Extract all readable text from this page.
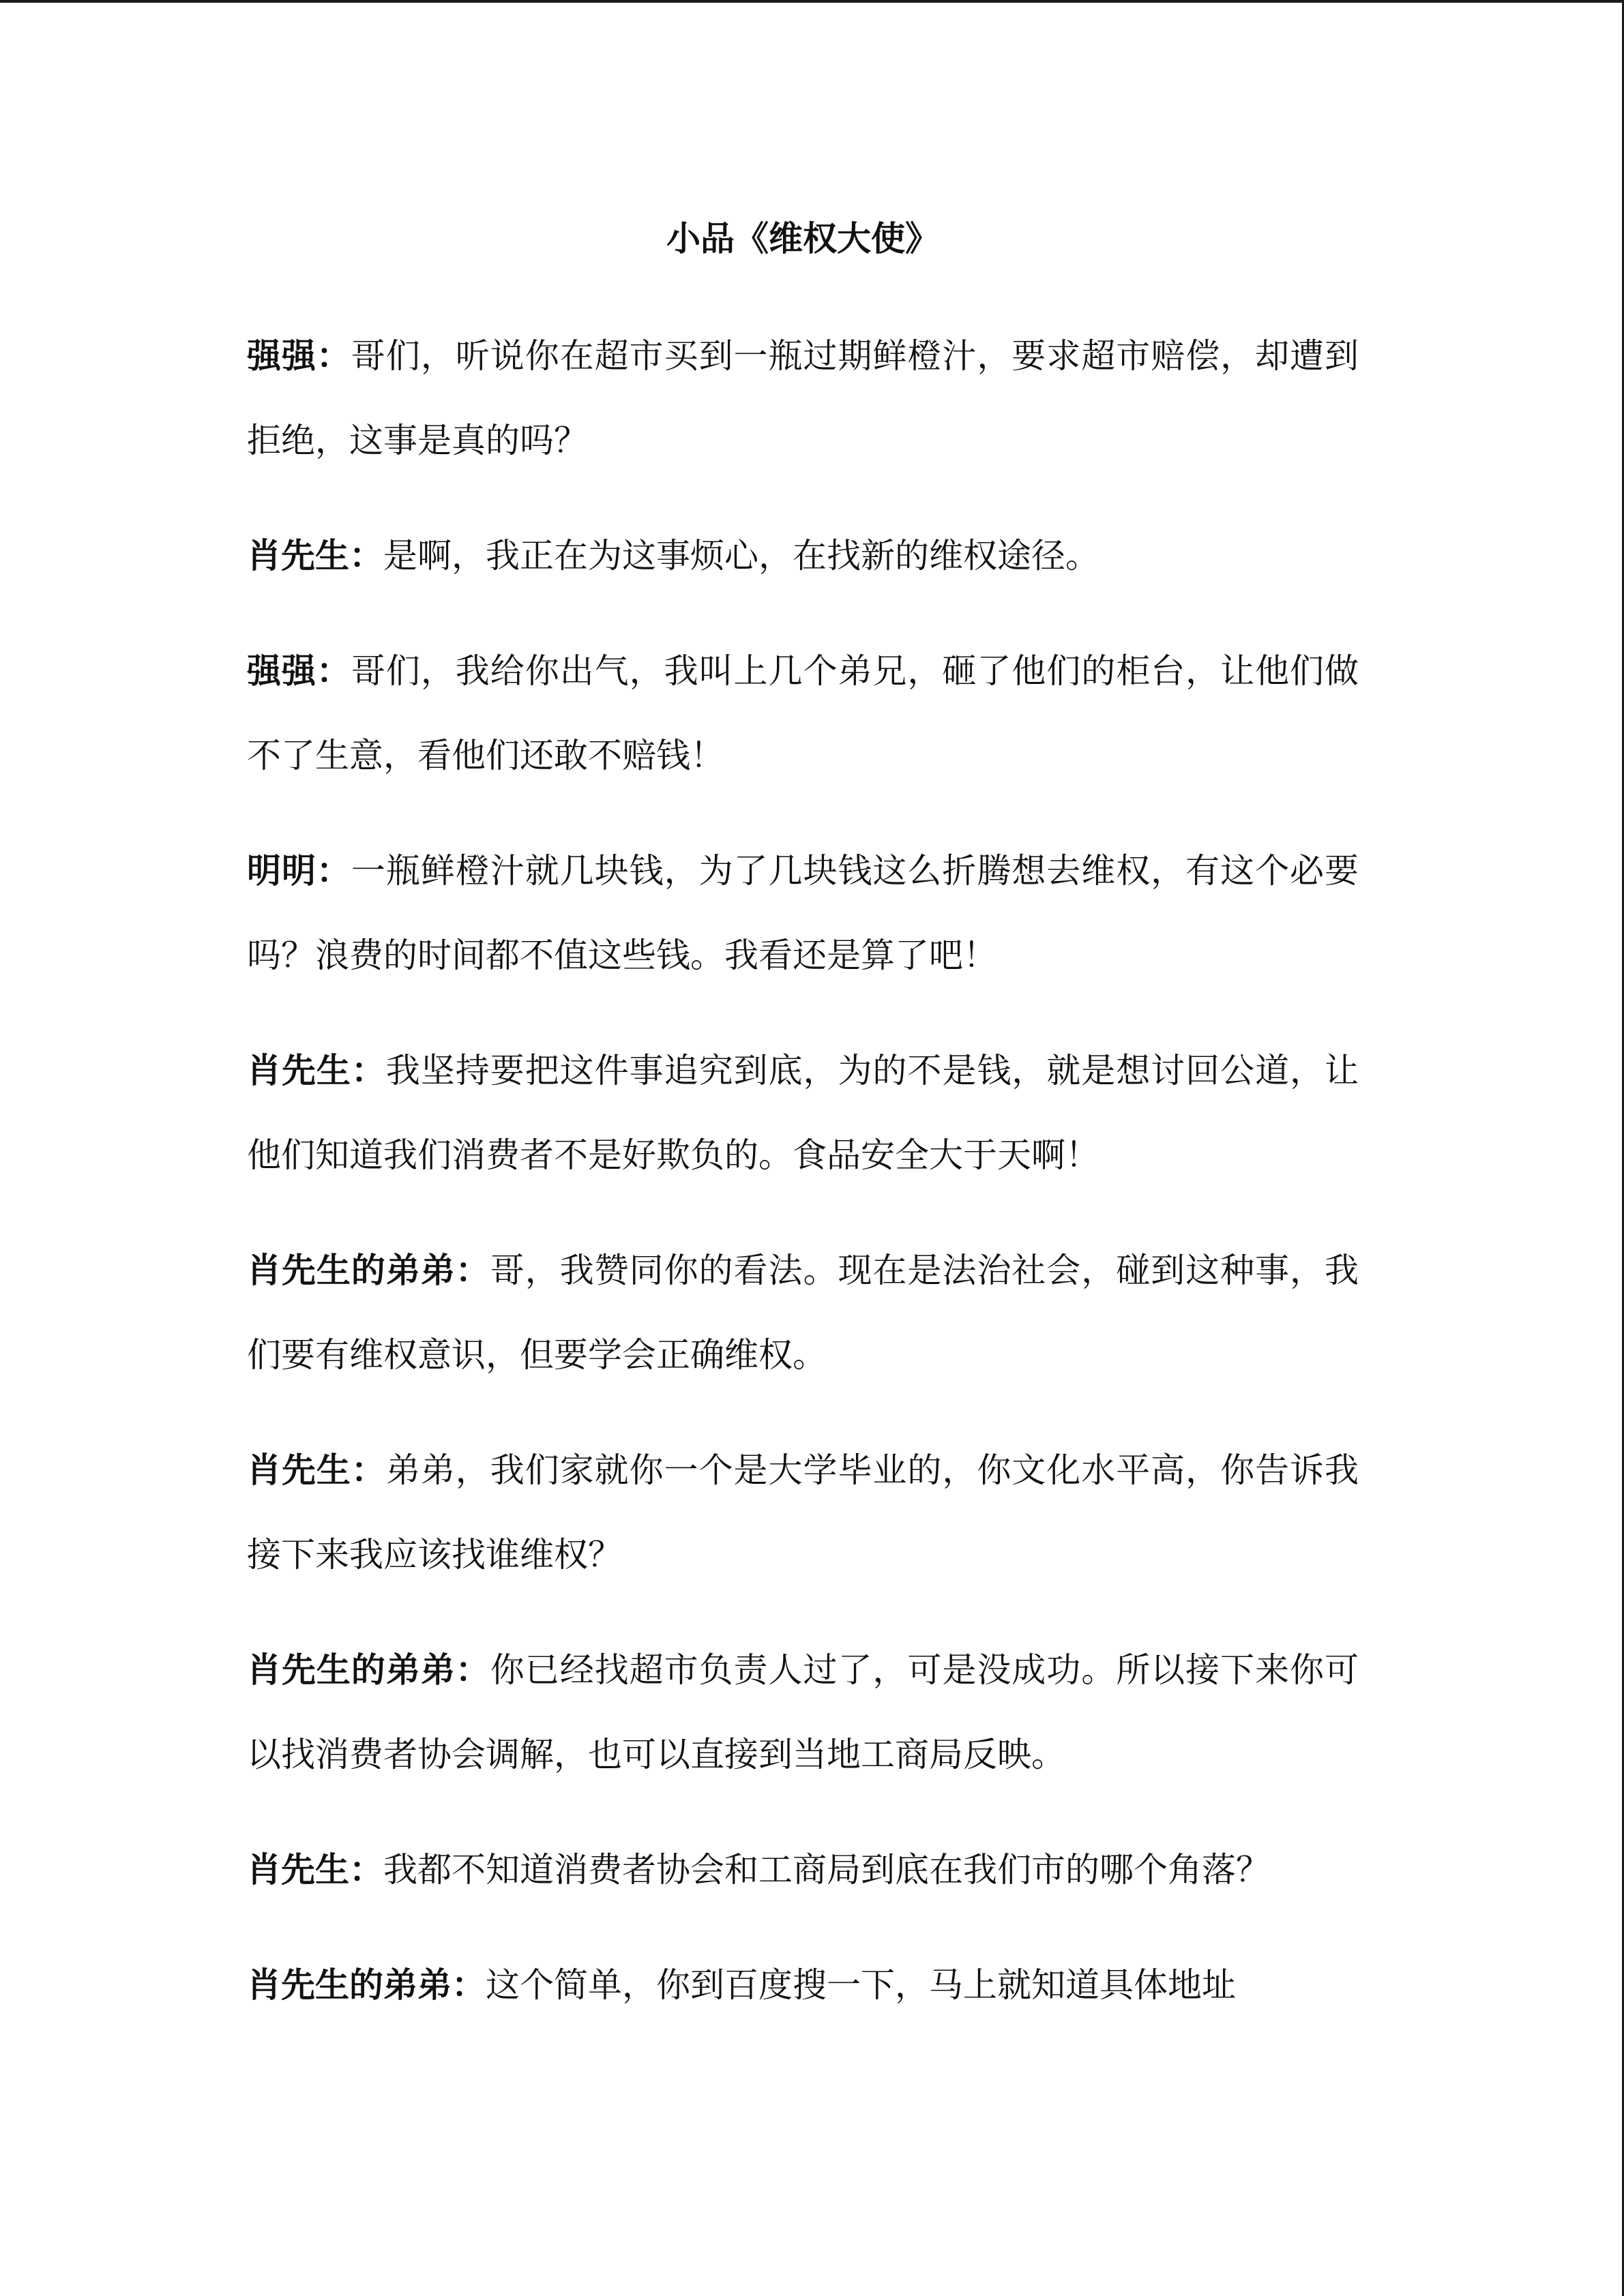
小品《维权大使》
强强：哥们，听说你在超市买到一瓶过期鲜橙汁，要求超市赔偿，却遭到拒绝，这事是真的吗？
肖先生：是啊，我正在为这事烦心，在找新的维权途径。
强强：哥们，我给你出气，我叫上几个弟兄，砸了他们的柜台，让他们做不了生意，看他们还敢不赔钱！
明明：一瓶鲜橙汁就几块钱，为了几块钱这么折腾想去维权，有这个必要吗？浪费的时间都不值这些钱。我看还是算了吧！
肖先生：我坚持要把这件事追究到底，为的不是钱，就是想讨回公道，让他们知道我们消费者不是好欺负的。食品安全大于天啊！
肖先生的弟弟：哥，我赞同你的看法。现在是法治社会，碰到这种事，我们要有维权意识，但要学会正确维权。
肖先生：弟弟，我们家就你一个是大学毕业的，你文化水平高，你告诉我接下来我应该找谁维权？
肖先生的弟弟：你已经找超市负责人过了，可是没成功。所以接下来你可以找消费者协会调解，也可以直接到当地工商局反映。
肖先生：我都不知道消费者协会和工商局到底在我们市的哪个角落？
肖先生的弟弟：这个简单，你到百度搜一下，马上就知道具体地址
